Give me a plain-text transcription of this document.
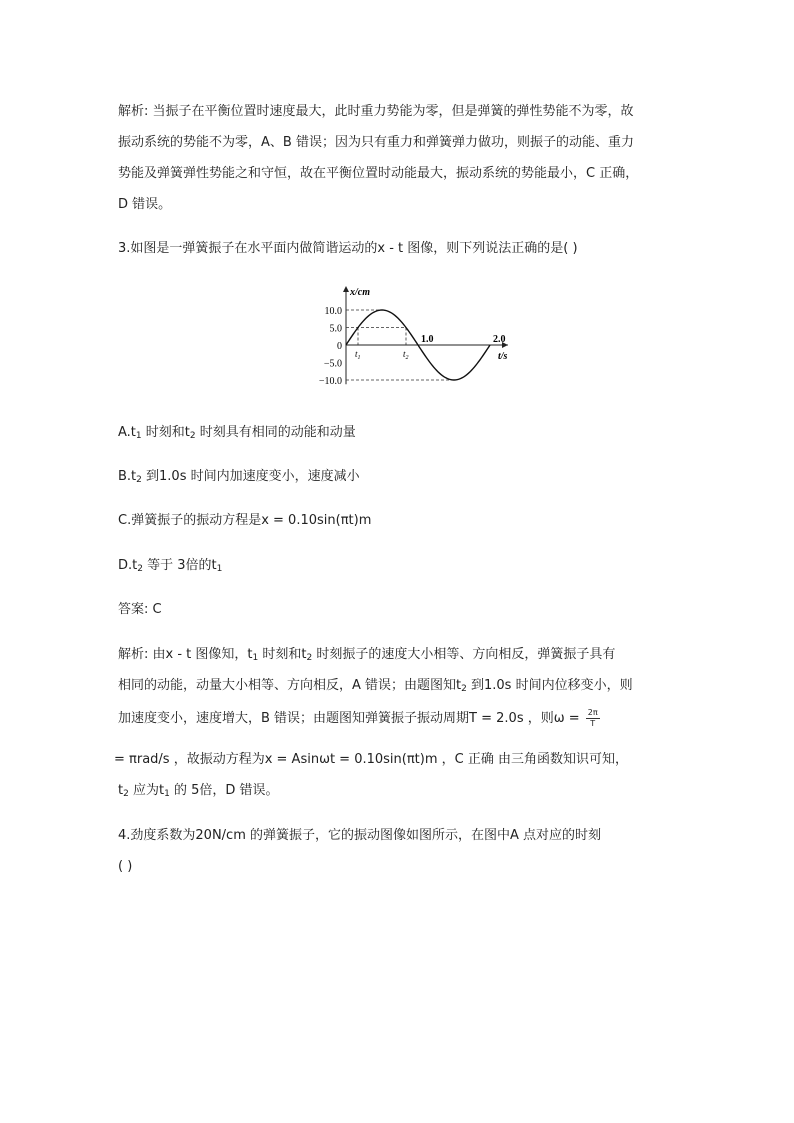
解析: 当振子在平衡位置时速度最大，此时重力势能为零，但是弹簧的弹性势能不为零，故
振动系统的势能不为零，A、B 错误；因为只有重力和弹簧弹力做功，则振子的动能、重力
势能及弹簧弹性势能之和守恒，故在平衡位置时动能最大，振动系统的势能最小，C 正确，
D 错误。
3.如图是一弹簧振子在水平面内做简谐运动的x - t 图像，则下列说法正确的是( )
x/cm
t/s
10.0
5.0
0
−5.0
−10.0
1.0	2.0
$t_1$	$t_2$
$A.t_1$ 时刻和$t_2$ 时刻具有相同的动能和动量
$B.t_2$ 到1.0s 时间内加速度变小，速度减小
C.弹簧振子的振动方程是x = 0.10sin(πt)m
$D.t_2$ 等于 3倍的$t_1$
答案: C
解析: 由x - t 图像知，$t_1$ 时刻和$t_2$ 时刻振子的速度大小相等、方向相反，弹簧振子具有
相同的动能，动量大小相等、方向相反，A 错误；由题图知$t_2$ 到1.0s 时间内位移变小，则
加速度变小，速度增大，B 错误；由题图知弹簧振子振动周期T = 2.0s ，则$\omega = \frac{2\pi}{T}$
= πrad/s ，故振动方程为x = Asinωt = 0.10sin(πt)m ，C 正确 由三角函数知识可知，
$t_2$ 应为$t_1$ 的 5倍，D 错误。
4.劲度系数为20N/cm 的弹簧振子，它的振动图像如图所示，在图中A 点对应的时刻
( )
